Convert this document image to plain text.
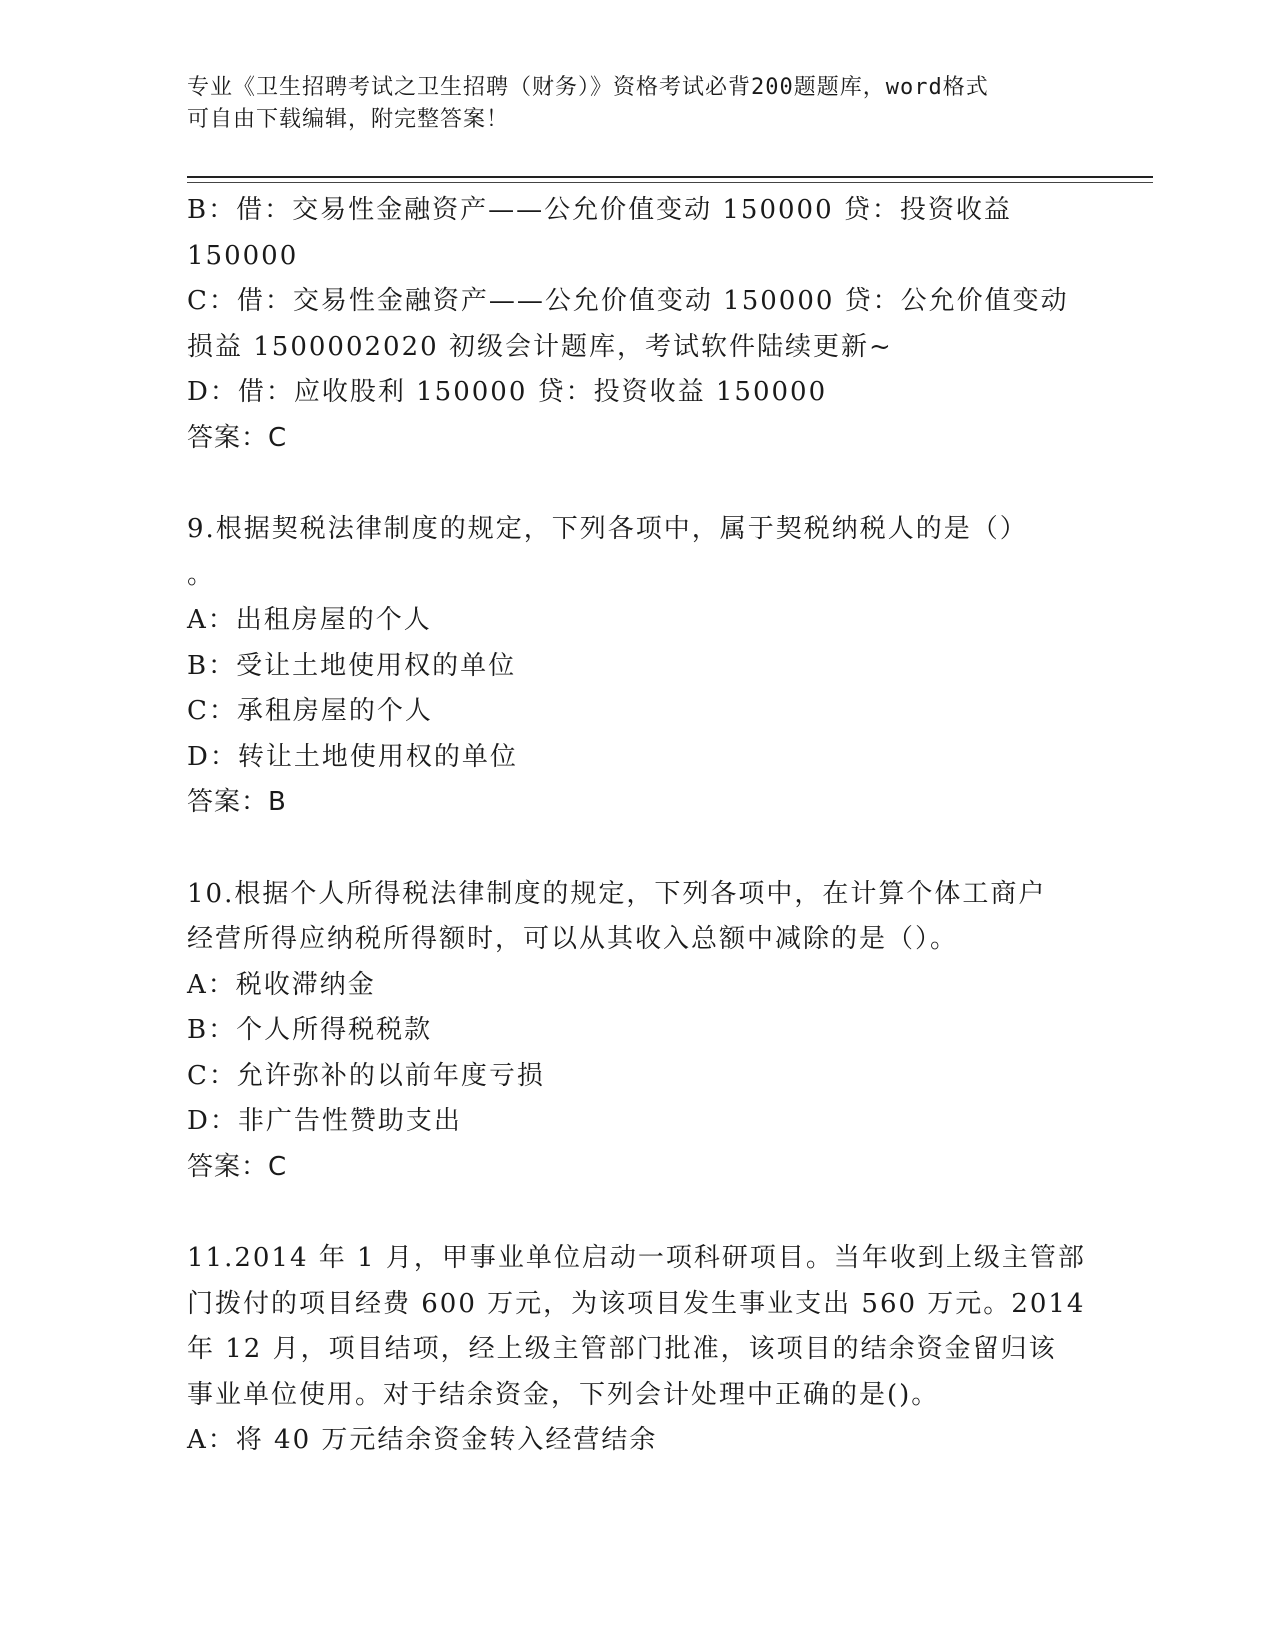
专业《卫生招聘考试之卫生招聘（财务）》资格考试必背200题题库，word格式
可自由下载编辑，附完整答案！
B：借：交易性金融资产——公允价值变动 150000 贷：投资收益
150000
C：借：交易性金融资产——公允价值变动 150000 贷：公允价值变动
损益 1500002020 初级会计题库，考试软件陆续更新~
D：借：应收股利 150000 贷：投资收益 150000
答案：C
9.根据契税法律制度的规定，下列各项中，属于契税纳税人的是（）
。
A：出租房屋的个人
B：受让土地使用权的单位
C：承租房屋的个人
D：转让土地使用权的单位
答案：B
10.根据个人所得税法律制度的规定，下列各项中，在计算个体工商户
经营所得应纳税所得额时，可以从其收入总额中减除的是（）。
A：税收滞纳金
B：个人所得税税款
C：允许弥补的以前年度亏损
D：非广告性赞助支出
答案：C
11.2014 年 1 月，甲事业单位启动一项科研项目。当年收到上级主管部
门拨付的项目经费 600 万元，为该项目发生事业支出 560 万元。2014
年 12 月，项目结项，经上级主管部门批准，该项目的结余资金留归该
事业单位使用。对于结余资金，下列会计处理中正确的是()。
A：将 40 万元结余资金转入经营结余
